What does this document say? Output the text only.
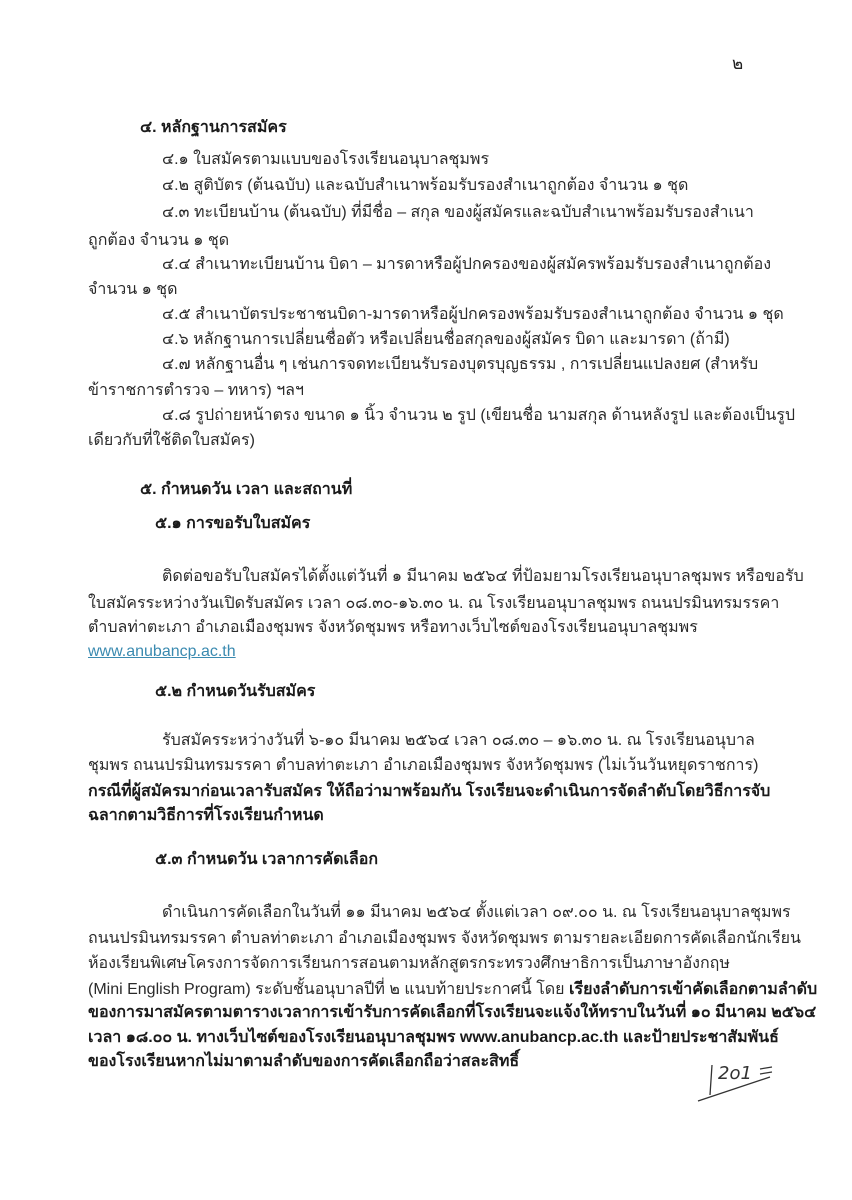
๒
๔. หลักฐานการสมัคร
๔.๑ ใบสมัครตามแบบของโรงเรียนอนุบาลชุมพร
๔.๒ สูติบัตร (ต้นฉบับ) และฉบับสำเนาพร้อมรับรองสำเนาถูกต้อง จำนวน ๑ ชุด
๔.๓ ทะเบียนบ้าน (ต้นฉบับ) ที่มีชื่อ – สกุล ของผู้สมัครและฉบับสำเนาพร้อมรับรองสำเนา
ถูกต้อง จำนวน ๑ ชุด
๔.๔ สำเนาทะเบียนบ้าน บิดา – มารดาหรือผู้ปกครองของผู้สมัครพร้อมรับรองสำเนาถูกต้อง
จำนวน ๑ ชุด
๔.๕ สำเนาบัตรประชาชนบิดา-มารดาหรือผู้ปกครองพร้อมรับรองสำเนาถูกต้อง จำนวน ๑ ชุด
๔.๖ หลักฐานการเปลี่ยนชื่อตัว หรือเปลี่ยนชื่อสกุลของผู้สมัคร บิดา และมารดา (ถ้ามี)
๔.๗ หลักฐานอื่น ๆ เช่นการจดทะเบียนรับรองบุตรบุญธรรม , การเปลี่ยนแปลงยศ (สำหรับ
ข้าราชการตำรวจ – ทหาร) ฯลฯ
๔.๘ รูปถ่ายหน้าตรง ขนาด ๑ นิ้ว จำนวน ๒ รูป (เขียนชื่อ นามสกุล ด้านหลังรูป และต้องเป็นรูป
เดียวกับที่ใช้ติดใบสมัคร)
๕. กำหนดวัน เวลา และสถานที่
๕.๑ การขอรับใบสมัคร
ติดต่อขอรับใบสมัครได้ตั้งแต่วันที่ ๑ มีนาคม ๒๕๖๔ ที่ป้อมยามโรงเรียนอนุบาลชุมพร หรือขอรับ
ใบสมัครระหว่างวันเปิดรับสมัคร เวลา ๐๘.๓๐-๑๖.๓๐ น. ณ โรงเรียนอนุบาลชุมพร ถนนปรมินทรมรรคา
ตำบลท่าตะเภา อำเภอเมืองชุมพร จังหวัดชุมพร หรือทางเว็บไซต์ของโรงเรียนอนุบาลชุมพร
www.anubancp.ac.th
๕.๒ กำหนดวันรับสมัคร
รับสมัครระหว่างวันที่ ๖-๑๐ มีนาคม ๒๕๖๔ เวลา ๐๘.๓๐ – ๑๖.๓๐ น. ณ โรงเรียนอนุบาล
ชุมพร ถนนปรมินทรมรรคา ตำบลท่าตะเภา อำเภอเมืองชุมพร จังหวัดชุมพร (ไม่เว้นวันหยุดราชการ)
กรณีที่ผู้สมัครมาก่อนเวลารับสมัคร ให้ถือว่ามาพร้อมกัน โรงเรียนจะดำเนินการจัดลำดับโดยวิธีการจับ
ฉลากตามวิธีการที่โรงเรียนกำหนด
๕.๓ กำหนดวัน เวลาการคัดเลือก
ดำเนินการคัดเลือกในวันที่ ๑๑ มีนาคม ๒๕๖๔ ตั้งแต่เวลา ๐๙.๐๐ น. ณ โรงเรียนอนุบาลชุมพร
ถนนปรมินทรมรรคา ตำบลท่าตะเภา อำเภอเมืองชุมพร จังหวัดชุมพร ตามรายละเอียดการคัดเลือกนักเรียน
ห้องเรียนพิเศษโครงการจัดการเรียนการสอนตามหลักสูตรกระทรวงศึกษาธิการเป็นภาษาอังกฤษ
(Mini English Program) ระดับชั้นอนุบาลปีที่ ๒ แนบท้ายประกาศนี้ โดย เรียงลำดับการเข้าคัดเลือกตามลำดับ
ของการมาสมัครตามตารางเวลาการเข้ารับการคัดเลือกที่โรงเรียนจะแจ้งให้ทราบในวันที่ ๑๐ มีนาคม ๒๕๖๔
เวลา ๑๘.๐๐ น. ทางเว็บไซต์ของโรงเรียนอนุบาลชุมพร www.anubancp.ac.th และป้ายประชาสัมพันธ์
ของโรงเรียนหากไม่มาตามลำดับของการคัดเลือกถือว่าสละสิทธิ์
2o1
